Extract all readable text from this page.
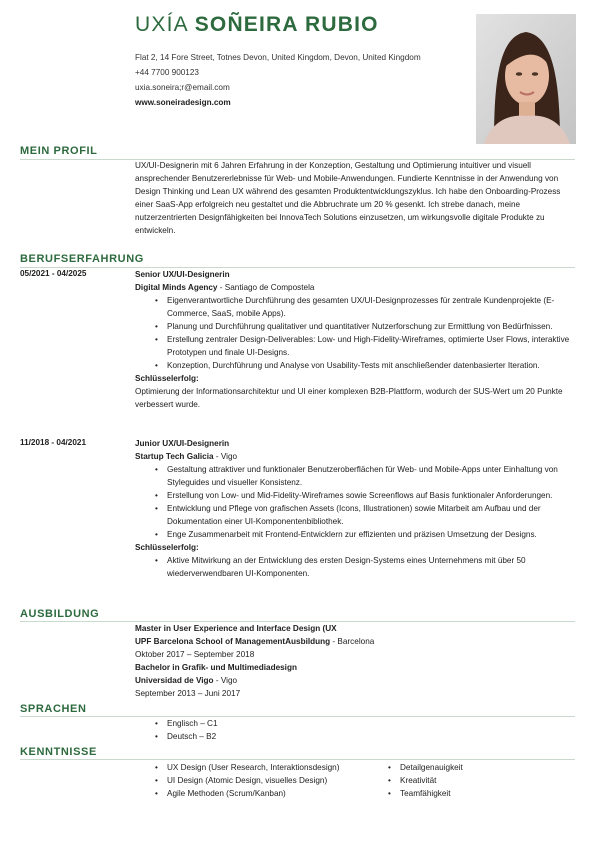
UXÍA SOÑEIRA RUBIO
Flat 2, 14 Fore Street, Totnes Devon, United Kingdom, Devon, United Kingdom
+44 7700 900123
uxia.soneira;r@email.com
www.soneiradesign.com
MEIN PROFIL

UX/UI-Designerin mit 6 Jahren Erfahrung in der Konzeption, Gestaltung und Optimierung intuitiver und visuell ansprechender Benutzererlebnisse für Web- und Mobile-Anwendungen. Fundierte Kenntnisse in der Anwendung von Design Thinking und Lean UX während des gesamten Produktentwicklungszyklus. Ich habe den Onboarding-Prozess einer SaaS-App erfolgreich neu gestaltet und die Abbruchrate um 20 % gesenkt. Ich strebe danach, meine nutzerzentrierten Designfähigkeiten bei InnovaTech Solutions einzusetzen, um wirkungsvolle digitale Produkte zu entwickeln.

BERUFSERFAHRUNG
05/2021 - 04/2025	Senior UX/UI-Designerin
Digital Minds Agency - Santiago de Compostela
• Eigenverantwortliche Durchführung des gesamten UX/UI-Designprozesses für zentrale Kundenprojekte (E-Commerce, SaaS, mobile Apps).
• Planung und Durchführung qualitativer und quantitativer Nutzerforschung zur Ermittlung von Bedürfnissen.
• Erstellung zentraler Design-Deliverables: Low- und High-Fidelity-Wireframes, optimierte User Flows, interaktive Prototypen und finale UI-Designs.
• Konzeption, Durchführung und Analyse von Usability-Tests mit anschließender datenbasierter Iteration.
Schlüsselerfolg:

Optimierung der Informationsarchitektur und UI einer komplexen B2B-Plattform, wodurch der SUS-Wert um 20 Punkte verbessert wurde.

11/2018 - 04/2021	Junior UX/UI-Designerin
Startup Tech Galicia - Vigo
• Gestaltung attraktiver und funktionaler Benutzeroberflächen für Web- und Mobile-Apps unter Einhaltung von Styleguides und visueller Konsistenz.
• Erstellung von Low- und Mid-Fidelity-Wireframes sowie Screenflows auf Basis funktionaler Anforderungen.
• Entwicklung und Pflege von grafischen Assets (Icons, Illustrationen) sowie Mitarbeit am Aufbau und der Dokumentation einer UI-Komponentenbibliothek.
• Enge Zusammenarbeit mit Frontend-Entwicklern zur effizienten und präzisen Umsetzung der Designs.
Schlüsselerfolg:
• Aktive Mitwirkung an der Entwicklung des ersten Design-Systems eines Unternehmens mit über 50 wiederverwendbaren UI-Komponenten.
AUSBILDUNG
Master in User Experience and Interface Design (UX
UPF Barcelona School of ManagementAusbildung - Barcelona
Oktober 2017 – September 2018
Bachelor in Grafik- und Multimediadesign
Universidad de Vigo - Vigo
September 2013 – Juni 2017
SPRACHEN
• Englisch – C1
• Deutsch – B2
KENNTNISSE
• UX Design (User Research, Interaktionsdesign)
• UI Design (Atomic Design, visuelles Design)
• Agile Methoden (Scrum/Kanban)
• Detailgenauigkeit
• Kreativität
• Teamfähigkeit
